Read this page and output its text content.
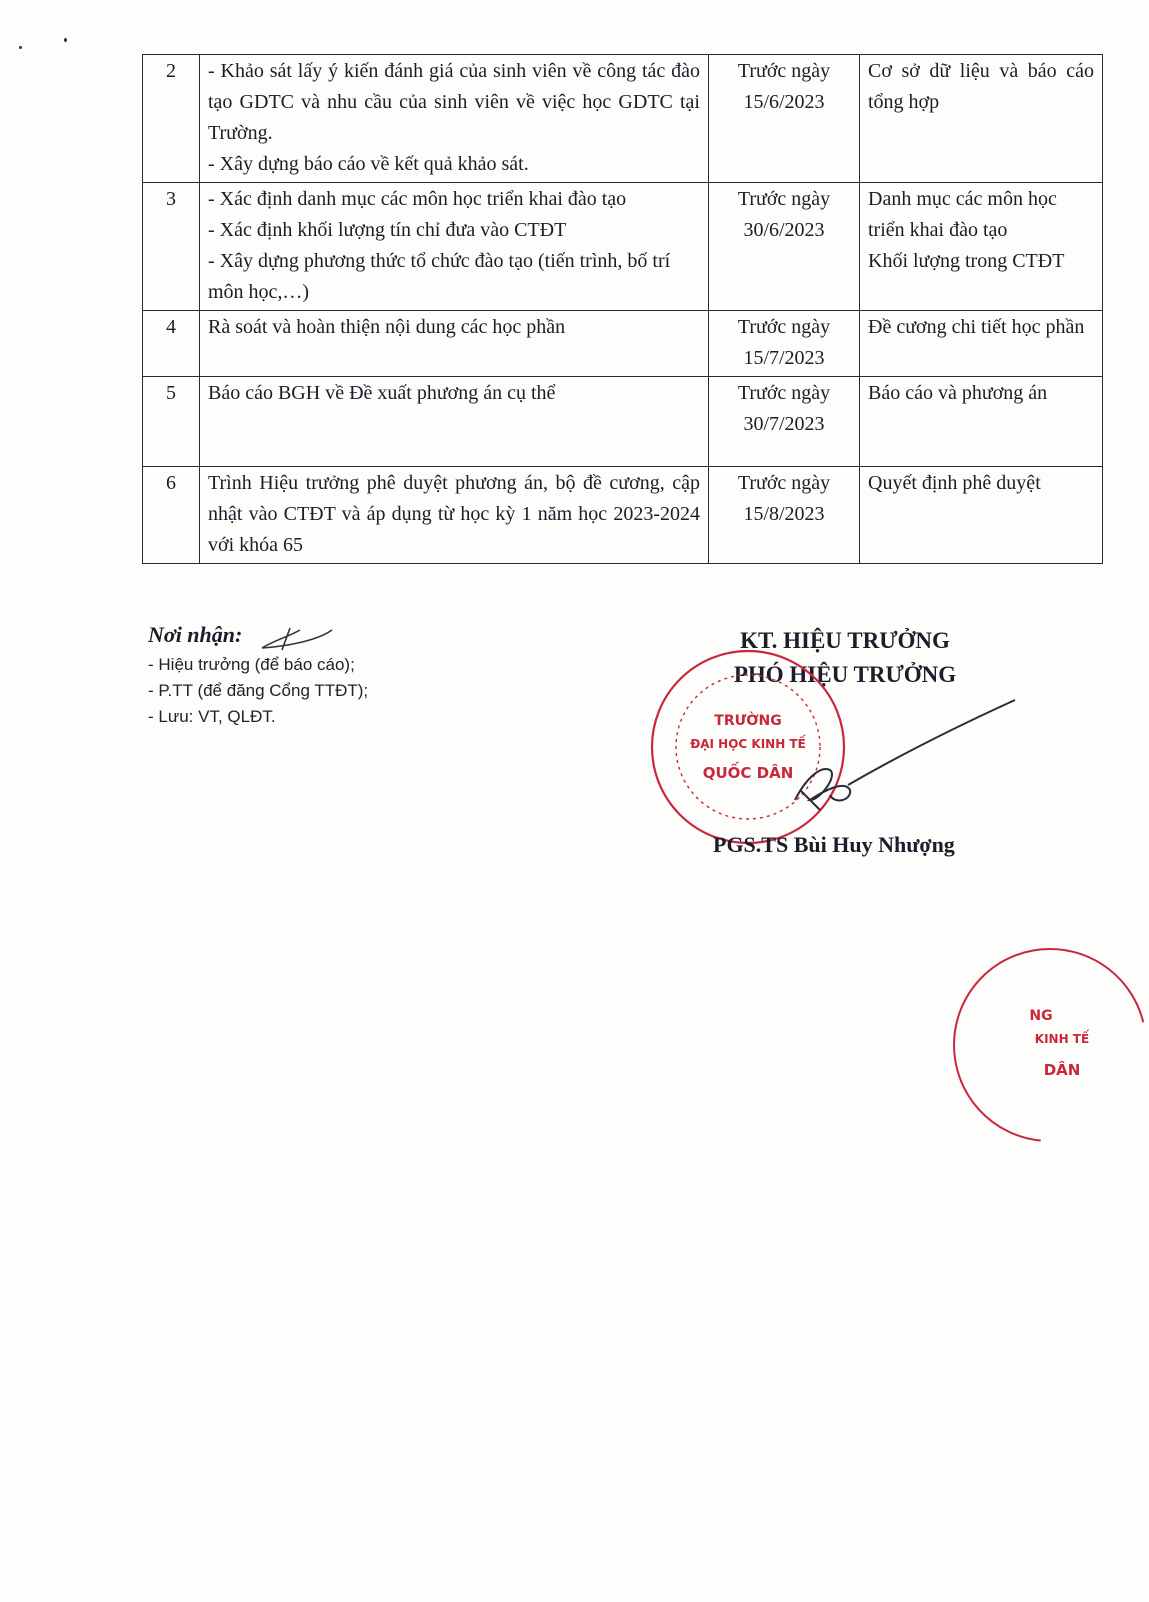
2	- Khảo sát lấy ý kiến đánh giá của sinh viên về công tác đào tạo GDTC và nhu cầu của sinh viên về việc học GDTC tại Trường.
- Xây dựng báo cáo về kết quả khảo sát.	Trước ngày 15/6/2023	Cơ sở dữ liệu và báo cáo tổng hợp

3	- Xác định danh mục các môn học triển khai đào tạo
- Xác định khối lượng tín chỉ đưa vào CTĐT
- Xây dựng phương thức tổ chức đào tạo (tiến trình, bố trí môn học,…)	Trước ngày 30/6/2023	Danh mục các môn học triển khai đào tạo
Khối lượng trong CTĐT

4	Rà soát và hoàn thiện nội dung các học phần	Trước ngày 15/7/2023	Đề cương chi tiết học phần

5	Báo cáo BGH về Đề xuất phương án cụ thể	Trước ngày 30/7/2023	Báo cáo và phương án

6	Trình Hiệu trưởng phê duyệt phương án, bộ đề cương, cập nhật vào CTĐT và áp dụng từ học kỳ 1 năm học 2023-2024 với khóa 65	Trước ngày 15/8/2023	Quyết định phê duyệt
Nơi nhận:
- Hiệu trưởng (để báo cáo);
- P.TT (để đăng Cổng TTĐT);
- Lưu: VT, QLĐT.
KT. HIỆU TRƯỞNG
PHÓ HIỆU TRƯỞNG
TRƯỜNG
ĐẠI HỌC KINH TẾ
QUỐC DÂN
NG
KINH TẾ
DÂN
PGS.TS Bùi Huy Nhượng
